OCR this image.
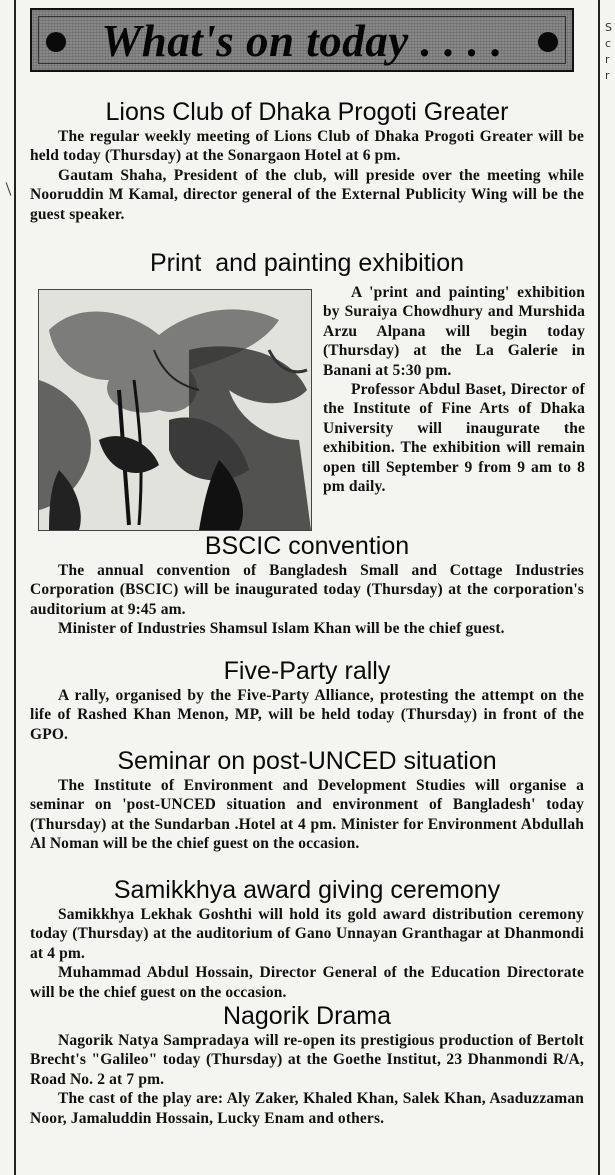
S
c
r
r
What's on today . . . .
Lions Club of Dhaka Progoti Greater

The regular weekly meeting of Lions Club of Dhaka Progoti Greater will be held today (Thursday) at the Sonargaon Hotel at 6 pm.

Gautam Shaha, President of the club, will preside over the meeting while Nooruddin M Kamal, director general of the External Publicity Wing will be the guest speaker.

Print  and painting exhibition

A 'print and painting' exhibition by Suraiya Chowdhury and Murshida Arzu Alpana will begin today (Thursday) at the La Galerie in Banani at 5:30 pm.

Professor Abdul Baset, Director of the Institute of Fine Arts of Dhaka University will inaugurate the exhibition. The exhibition will remain open till September 9 from 9 am to 8 pm daily.

BSCIC convention

The annual convention of Bangladesh Small and Cottage Industries Corporation (BSCIC) will be inaugurated today (Thursday) at the corporation's auditorium at 9:45 am.

Minister of Industries Shamsul Islam Khan will be the chief guest.

Five-Party rally

A rally, organised by the Five-Party Alliance, protesting the attempt on the life of Rashed Khan Menon, MP, will be held today (Thursday) in front of the GPO.

Seminar on post-UNCED situation

The Institute of Environment and Development Studies will organise a seminar on 'post-UNCED situation and environment of Bangladesh' today (Thursday) at the Sundarban .Hotel at 4 pm. Minister for Environment Abdullah Al Noman will be the chief guest on the occasion.

Samikkhya award giving ceremony

Samikkhya Lekhak Goshthi will hold its gold award distribution ceremony today (Thursday) at the auditorium of Gano Unnayan Granthagar at Dhanmondi at 4 pm.

Muhammad Abdul Hossain, Director General of the Education Directorate will be the chief guest on the occasion.

Nagorik Drama

Nagorik Natya Sampradaya will re-open its prestigious production of Bertolt Brecht's "Galileo" today (Thursday) at the Goethe Institut, 23 Dhanmondi R/A, Road No. 2 at 7 pm.

The cast of the play are: Aly Zaker, Khaled Khan, Salek Khan, Asaduzzaman Noor, Jamaluddin Hossain, Lucky Enam and others.
